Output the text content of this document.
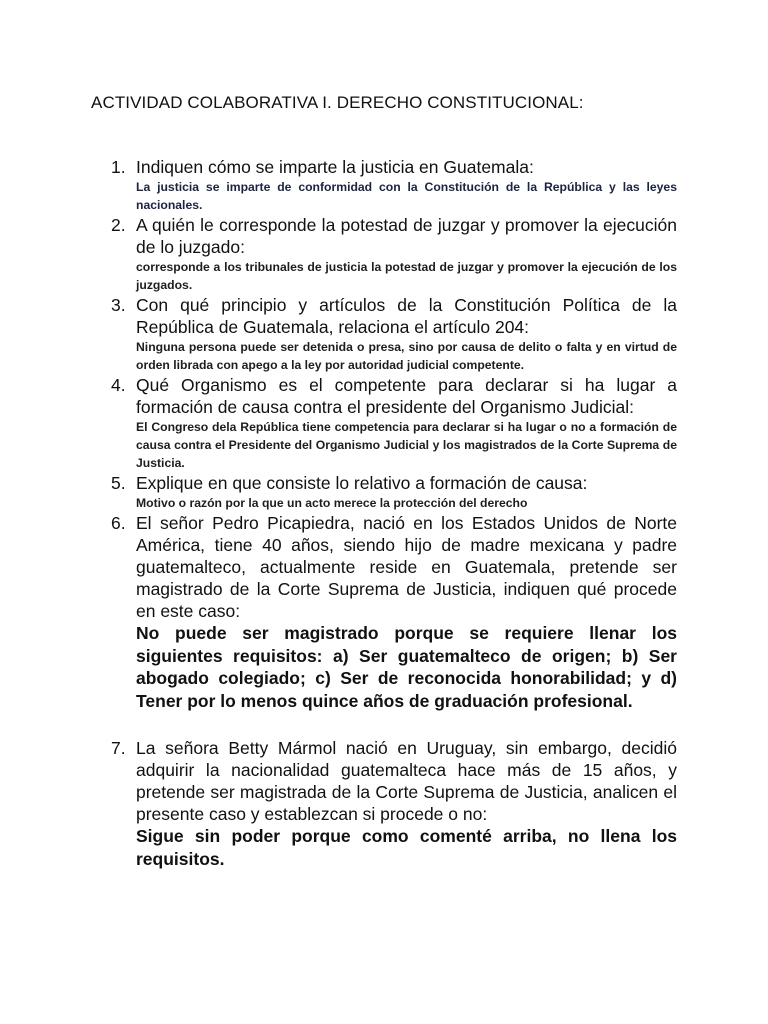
ACTIVIDAD COLABORATIVA I. DERECHO CONSTITUCIONAL:
1. Indiquen cómo se imparte la justicia en Guatemala:
La justicia se imparte de conformidad con la Constitución de la República y las leyes nacionales.
2. A quién le corresponde la potestad de juzgar y promover la ejecución de lo juzgado:
corresponde a los tribunales de justicia la potestad de juzgar y promover la ejecución de los juzgados.
3. Con qué principio y artículos de la Constitución Política de la República de Guatemala, relaciona el artículo 204:
Ninguna persona puede ser detenida o presa, sino por causa de delito o falta y en virtud de orden librada con apego a la ley por autoridad judicial competente.
4. Qué Organismo es el competente para declarar si ha lugar a formación de causa contra el presidente del Organismo Judicial:
El Congreso dela República tiene competencia para declarar si ha lugar o no a formación de causa contra el Presidente del Organismo Judicial y los magistrados de la Corte Suprema de Justicia.
5. Explique en que consiste lo relativo a formación de causa:
Motivo o razón por la que un acto merece la protección del derecho
6. El señor Pedro Picapiedra, nació en los Estados Unidos de Norte América, tiene 40 años, siendo hijo de madre mexicana y padre guatemalteco, actualmente reside en Guatemala, pretende ser magistrado de la Corte Suprema de Justicia, indiquen qué procede en este caso:
No puede ser magistrado porque se requiere llenar los siguientes requisitos: a) Ser guatemalteco de origen; b) Ser abogado colegiado; c) Ser de reconocida honorabilidad; y d) Tener por lo menos quince años de graduación profesional.
7. La señora Betty Mármol nació en Uruguay, sin embargo, decidió adquirir la nacionalidad guatemalteca hace más de 15 años, y pretende ser magistrada de la Corte Suprema de Justicia, analicen el presente caso y establezcan si procede o no:
Sigue sin poder porque como comenté arriba, no llena los requisitos.
